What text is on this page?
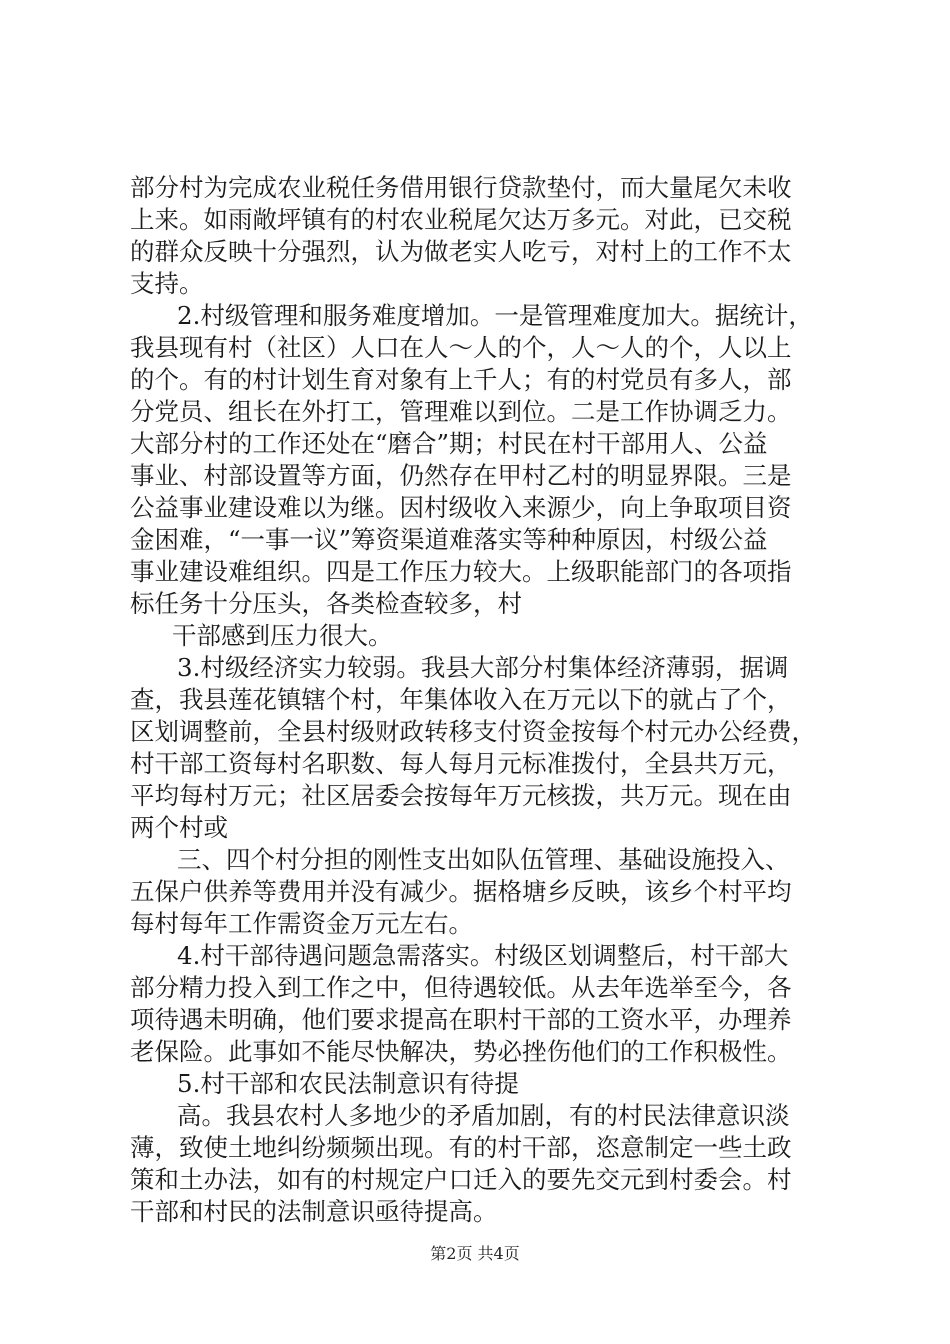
部分村为完成农业税任务借用银行贷款垫付，而大量尾欠未收
上来。如雨敞坪镇有的村农业税尾欠达万多元。对此，已交税
的群众反映十分强烈，认为做老实人吃亏，对村上的工作不太
支持。
2.村级管理和服务难度增加。一是管理难度加大。据统计，
我县现有村（社区）人口在人～人的个，人～人的个，人以上
的个。有的村计划生育对象有上千人；有的村党员有多人，部
分党员、组长在外打工，管理难以到位。二是工作协调乏力。
大部分村的工作还处在“磨合”期；村民在村干部用人、公益
事业、村部设置等方面，仍然存在甲村乙村的明显界限。三是
公益事业建设难以为继。因村级收入来源少，向上争取项目资
金困难，“一事一议”筹资渠道难落实等种种原因，村级公益
事业建设难组织。四是工作压力较大。上级职能部门的各项指
标任务十分压头，各类检查较多，村
干部感到压力很大。
3.村级经济实力较弱。我县大部分村集体经济薄弱，据调
查，我县莲花镇辖个村，年集体收入在万元以下的就占了个，
区划调整前，全县村级财政转移支付资金按每个村元办公经费，
村干部工资每村名职数、每人每月元标准拨付，全县共万元，
平均每村万元；社区居委会按每年万元核拨，共万元。现在由
两个村或
三、四个村分担的刚性支出如队伍管理、基础设施投入、
五保户供养等费用并没有减少。据格塘乡反映，该乡个村平均
每村每年工作需资金万元左右。
4.村干部待遇问题急需落实。村级区划调整后，村干部大
部分精力投入到工作之中，但待遇较低。从去年选举至今，各
项待遇未明确，他们要求提高在职村干部的工资水平，办理养
老保险。此事如不能尽快解决，势必挫伤他们的工作积极性。
5.村干部和农民法制意识有待提
高。我县农村人多地少的矛盾加剧，有的村民法律意识淡
薄，致使土地纠纷频频出现。有的村干部，恣意制定一些土政
策和土办法，如有的村规定户口迁入的要先交元到村委会。村
干部和村民的法制意识亟待提高。
第2页 共4页
